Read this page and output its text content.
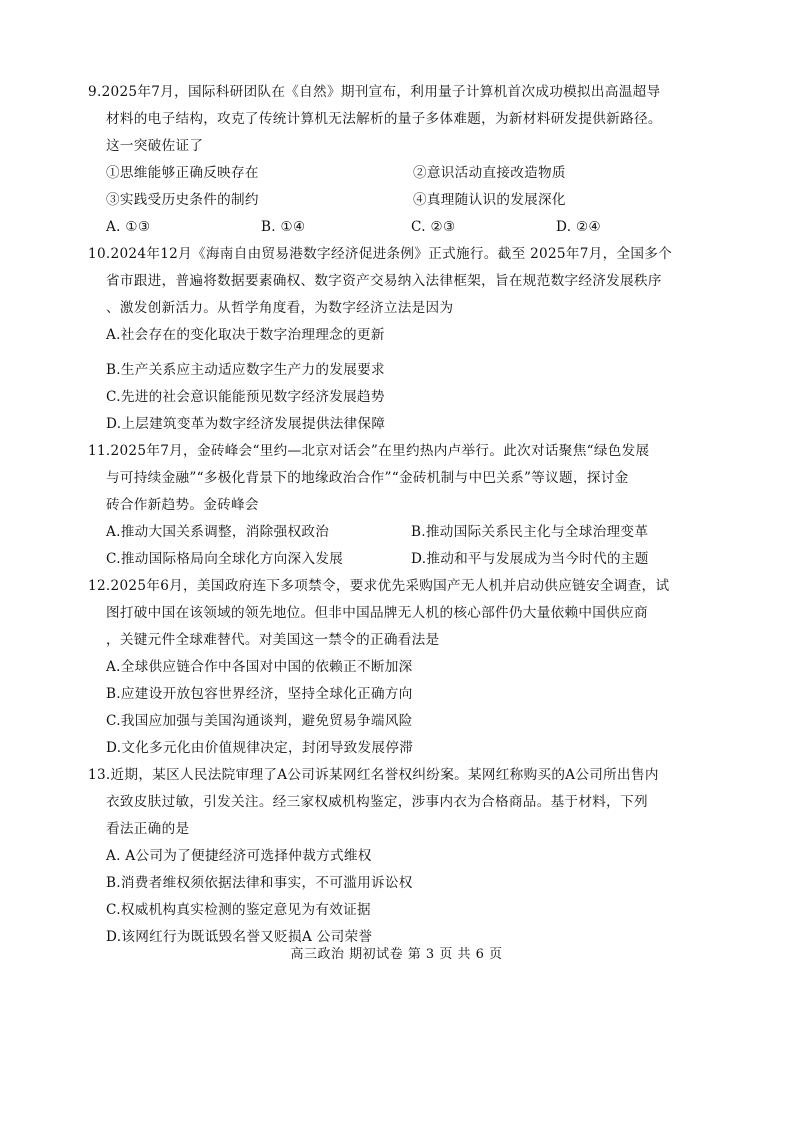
9.2025年7月，国际科研团队在《自然》期刊宣布，利用量子计算机首次成功模拟出高温超导
材料的电子结构，攻克了传统计算机无法解析的量子多体难题，为新材料研发提供新路径。
这一突破佐证了
①思维能够正确反映存在	②意识活动直接改造物质
③实践受历史条件的制约	④真理随认识的发展深化
A. ①③	B. ①④	C. ②③	D. ②④
10.2024年12月《海南自由贸易港数字经济促进条例》正式施行。截至 2025年7月，全国多个
省市跟进，普遍将数据要素确权、数字资产交易纳入法律框架，旨在规范数字经济发展秩序
、激发创新活力。从哲学角度看，为数字经济立法是因为
A.社会存在的变化取决于数字治理理念的更新
B.生产关系应主动适应数字生产力的发展要求
C.先进的社会意识能能预见数字经济发展趋势
D.上层建筑变革为数字经济发展提供法律保障
11.2025年7月，金砖峰会“里约—北京对话会”在里约热内卢举行。此次对话聚焦“绿色发展
与可持续金融”“多极化背景下的地缘政治合作”“金砖机制与中巴关系”等议题，探讨金
砖合作新趋势。金砖峰会
A.推动大国关系调整，消除强权政治	B.推动国际关系民主化与全球治理变革
C.推动国际格局向全球化方向深入发展	D.推动和平与发展成为当今时代的主题
12.2025年6月，美国政府连下多项禁令，要求优先采购国产无人机并启动供应链安全调查，试
图打破中国在该领域的领先地位。但非中国品牌无人机的核心部件仍大量依赖中国供应商
，关键元件全球难替代。对美国这一禁令的正确看法是
A.全球供应链合作中各国对中国的依赖正不断加深
B.应建设开放包容世界经济，坚持全球化正确方向
C.我国应加强与美国沟通谈判，避免贸易争端风险
D.文化多元化由价值规律决定，封闭导致发展停滞
13.近期，某区人民法院审理了A公司诉某网红名誉权纠纷案。某网红称购买的A公司所出售内
衣致皮肤过敏，引发关注。经三家权威机构鉴定，涉事内衣为合格商品。基于材料，下列
看法正确的是
A. A公司为了便捷经济可选择仲裁方式维权
B.消费者维权须依据法律和事实，不可滥用诉讼权
C.权威机构真实检测的鉴定意见为有效证据
D.该网红行为既诋毁名誉又贬损A 公司荣誉
高三政治 期初试卷 第 3 页 共 6 页
